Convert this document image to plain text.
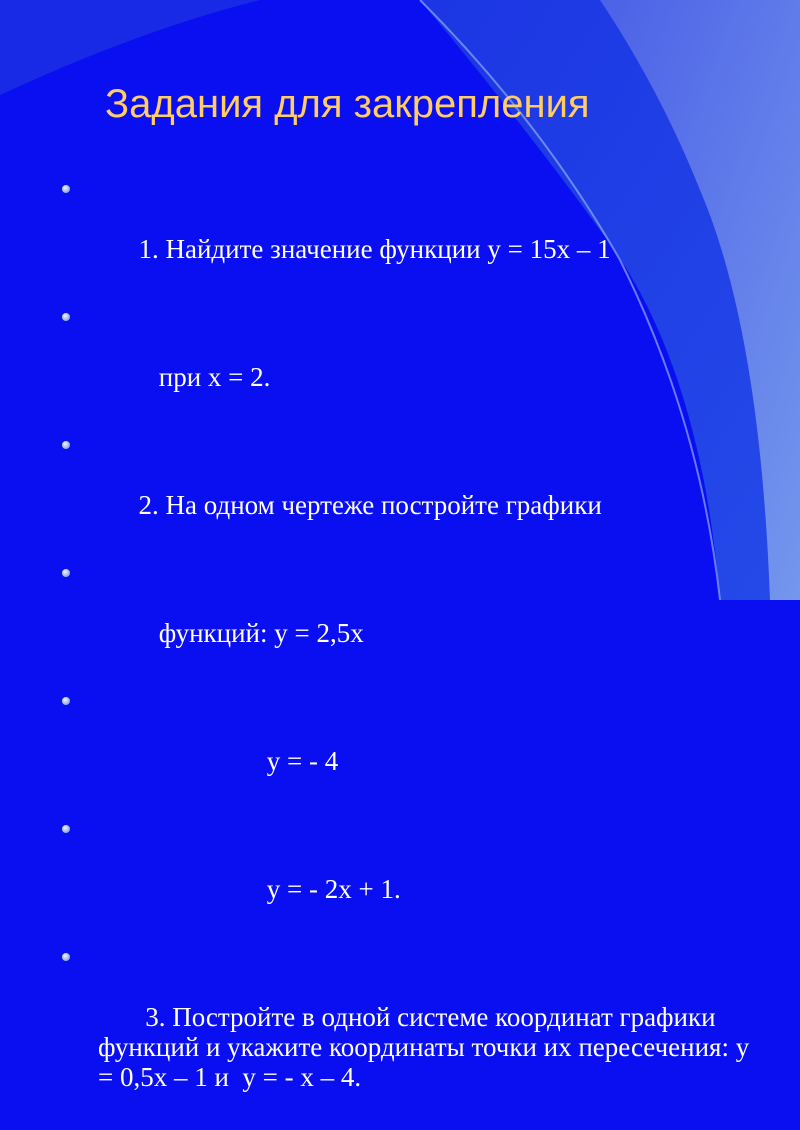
Задания для закрепления

1. Найдите значение функции у = 15х – 1

при х = 2.

2. На одном чертеже постройте графики

функций: у = 2,5х

у = - 4

у = - 2х + 1.

3. Постройте в одной системе координат графики функций и укажите координаты точки их пересечения: у = 0,5х – 1 и  у = - х – 4.
